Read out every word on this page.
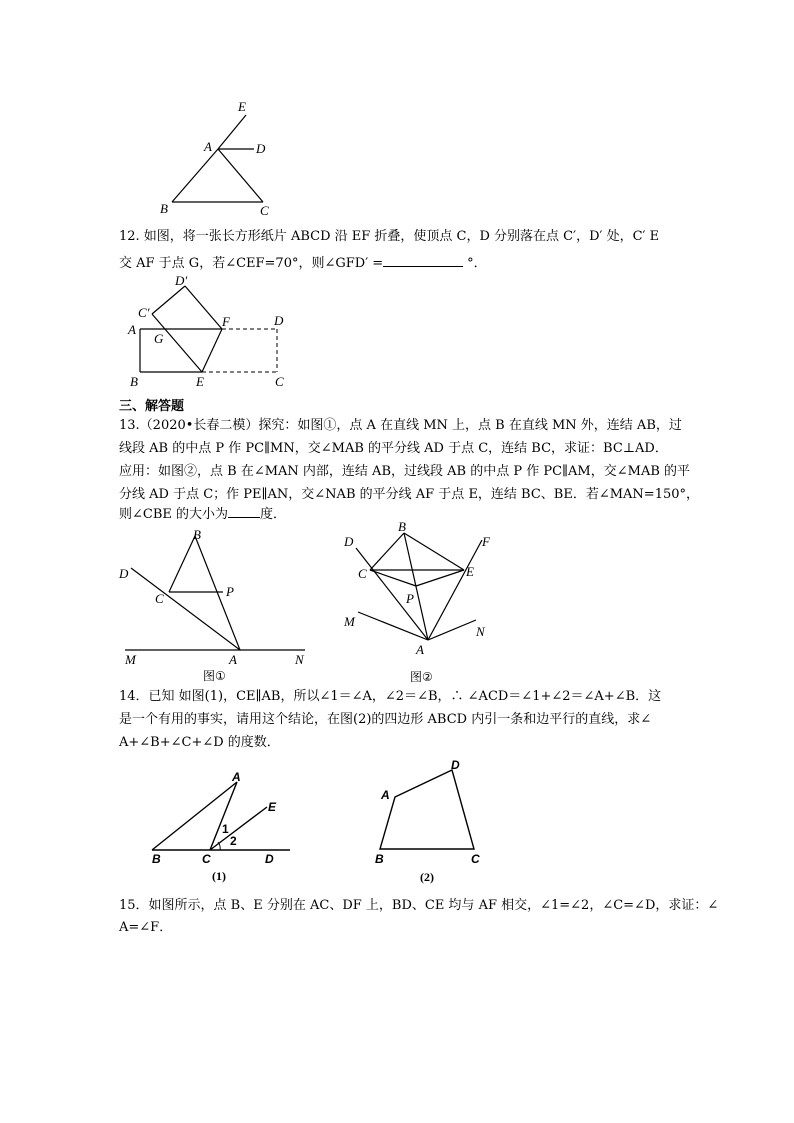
E
A	D
B	C
12. 如图，将一张长方形纸片 ABCD 沿 EF 折叠，使顶点 C，D 分别落在点 C′，D′ 处，C′ E
交 AF 于点 G，若∠CEF=70°，则∠GFD′ =	°．
D′
C′
A
G
F	D
B	E	C
三、解答题
13.（2020•长春二模）探究：如图①，点 A 在直线 MN 上，点 B 在直线 MN 外，连结 AB，过
线段 AB 的中点 P 作 PC∥MN，交∠MAB 的平分线 AD 于点 C，连结 BC，求证：BC⊥AD．
应用：如图②，点 B 在∠MAN 内部，连结 AB，过线段 AB 的中点 P 作 PC∥AM，交∠MAB 的平
分线 AD 于点 C；作 PE∥AN，交∠NAB 的平分线 AF 于点 E，连结 BC、BE．若∠MAN=150°，
则∠CBE 的大小为 度．
B
D
C	P
M	A	N
图①
B
D	F
C	E
P
M
N
A
图②
14．已知 如图(1)，CE∥AB，所以∠1＝∠A，∠2＝∠B，∴ ∠ACD＝∠1+∠2＝∠A+∠B．这
是一个有用的事实，请用这个结论，在图(2)的四边形 ABCD 内引一条和边平行的直线，求∠
A+∠B+∠C+∠D 的度数．
A
E
1
2
B	C	D
(1)
D
A
B	C
(2)
15．如图所示，点 B、E 分别在 AC、DF 上，BD、CE 均与 AF 相交，∠1=∠2，∠C=∠D，求证：∠
A=∠F．
